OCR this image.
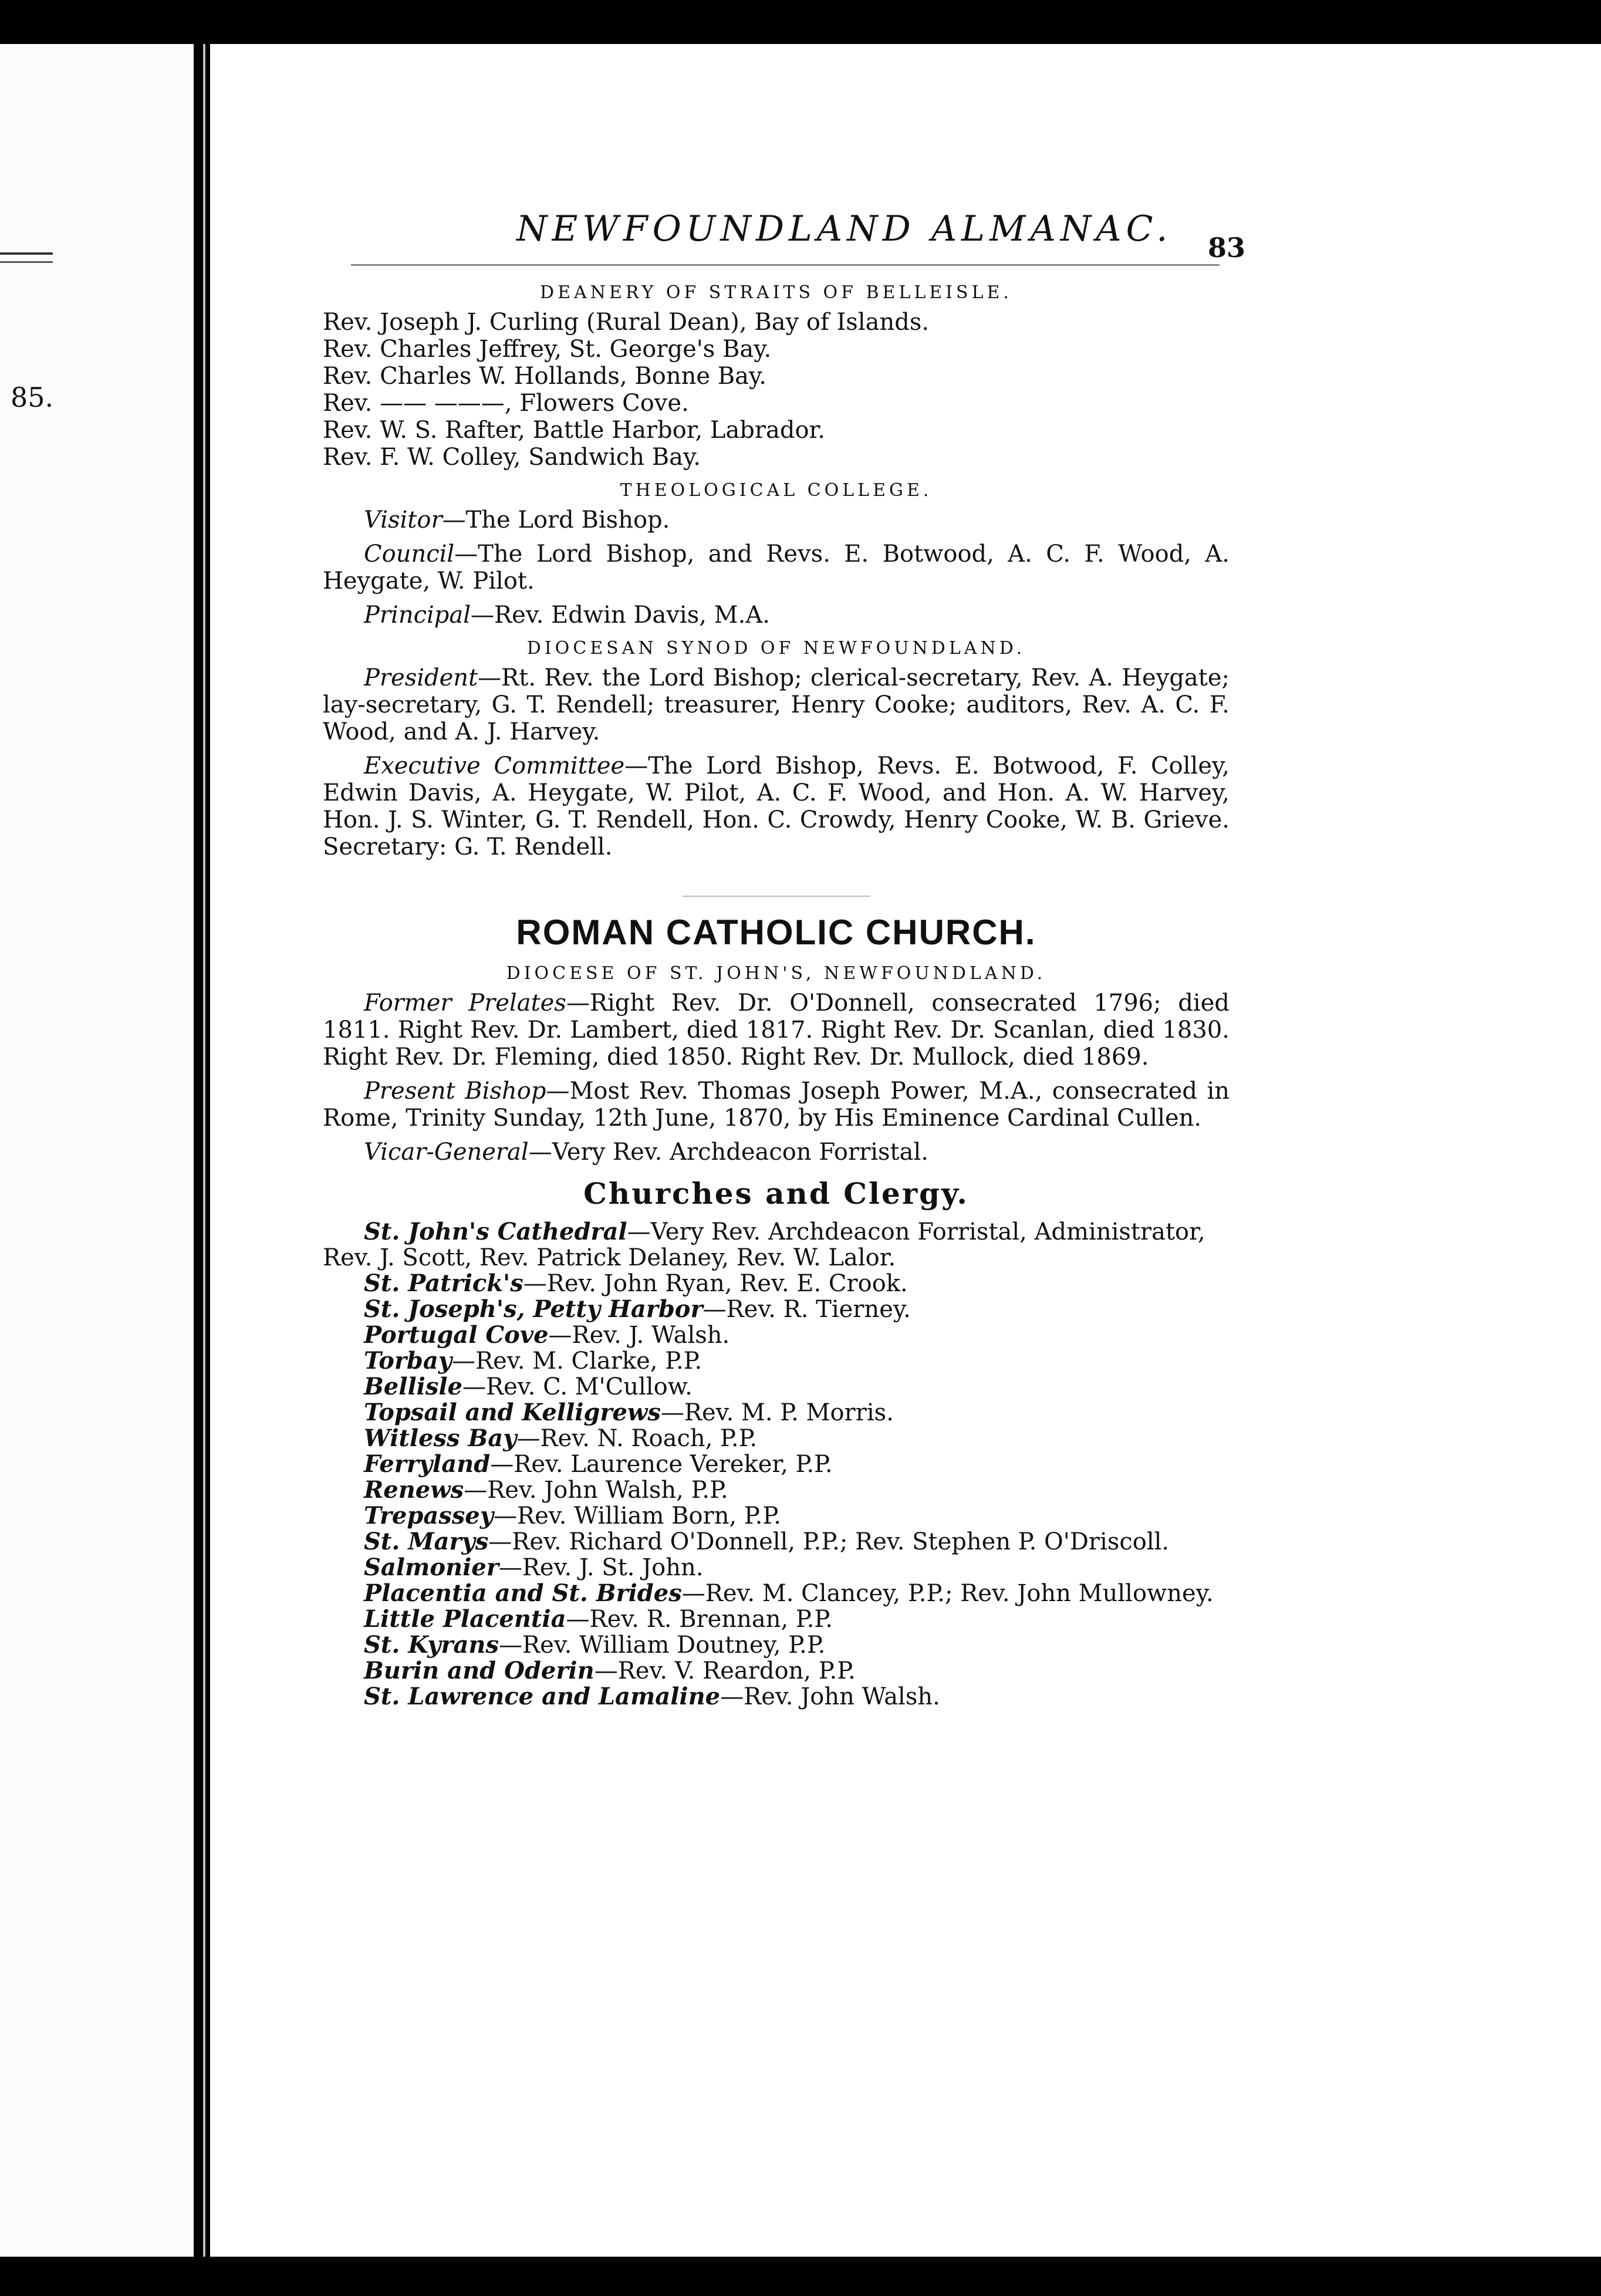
85.
NEWFOUNDLAND ALMANAC. 83
DEANERY OF STRAITS OF BELLEISLE.
Rev. Joseph J. Curling (Rural Dean), Bay of Islands.
Rev. Charles Jeffrey, St. George's Bay.
Rev. Charles W. Hollands, Bonne Bay.
Rev. —— ———, Flowers Cove.
Rev. W. S. Rafter, Battle Harbor, Labrador.
Rev. F. W. Colley, Sandwich Bay.
THEOLOGICAL COLLEGE.

Visitor—The Lord Bishop.

Council—The Lord Bishop, and Revs. E. Botwood, A. C. F. Wood, A. Heygate, W. Pilot.

Principal—Rev. Edwin Davis, M.A.

DIOCESAN SYNOD OF NEWFOUNDLAND.

President—Rt. Rev. the Lord Bishop; clerical-secretary, Rev. A. Heygate; lay-secretary, G. T. Rendell; treasurer, Henry Cooke; auditors, Rev. A. C. F. Wood, and A. J. Harvey.

Executive Committee—The Lord Bishop, Revs. E. Botwood, F. Colley, Edwin Davis, A. Heygate, W. Pilot, A. C. F. Wood, and Hon. A. W. Harvey, Hon. J. S. Winter, G. T. Rendell, Hon. C. Crowdy, Henry Cooke, W. B. Grieve. Secretary: G. T. Rendell.

ROMAN CATHOLIC CHURCH.
DIOCESE OF ST. JOHN'S, NEWFOUNDLAND.

Former Prelates—Right Rev. Dr. O'Donnell, consecrated 1796; died 1811. Right Rev. Dr. Lambert, died 1817. Right Rev. Dr. Scanlan, died 1830. Right Rev. Dr. Fleming, died 1850. Right Rev. Dr. Mullock, died 1869.

Present Bishop—Most Rev. Thomas Joseph Power, M.A., consecrated in Rome, Trinity Sunday, 12th June, 1870, by His Eminence Cardinal Cullen.

Vicar-General—Very Rev. Archdeacon Forristal.

Churches and Clergy.

St. John's Cathedral—Very Rev. Archdeacon Forristal, Administrator, Rev. J. Scott, Rev. Patrick Delaney, Rev. W. Lalor.

St. Patrick's—Rev. John Ryan, Rev. E. Crook.

St. Joseph's, Petty Harbor—Rev. R. Tierney.

Portugal Cove—Rev. J. Walsh.

Torbay—Rev. M. Clarke, P.P.

Bellisle—Rev. C. M'Cullow.

Topsail and Kelligrews—Rev. M. P. Morris.

Witless Bay—Rev. N. Roach, P.P.

Ferryland—Rev. Laurence Vereker, P.P.

Renews—Rev. John Walsh, P.P.

Trepassey—Rev. William Born, P.P.

St. Marys—Rev. Richard O'Donnell, P.P.; Rev. Stephen P. O'Driscoll.

Salmonier—Rev. J. St. John.

Placentia and St. Brides—Rev. M. Clancey, P.P.; Rev. John Mullowney.

Little Placentia—Rev. R. Brennan, P.P.

St. Kyrans—Rev. William Doutney, P.P.

Burin and Oderin—Rev. V. Reardon, P.P.

St. Lawrence and Lamaline—Rev. John Walsh.
